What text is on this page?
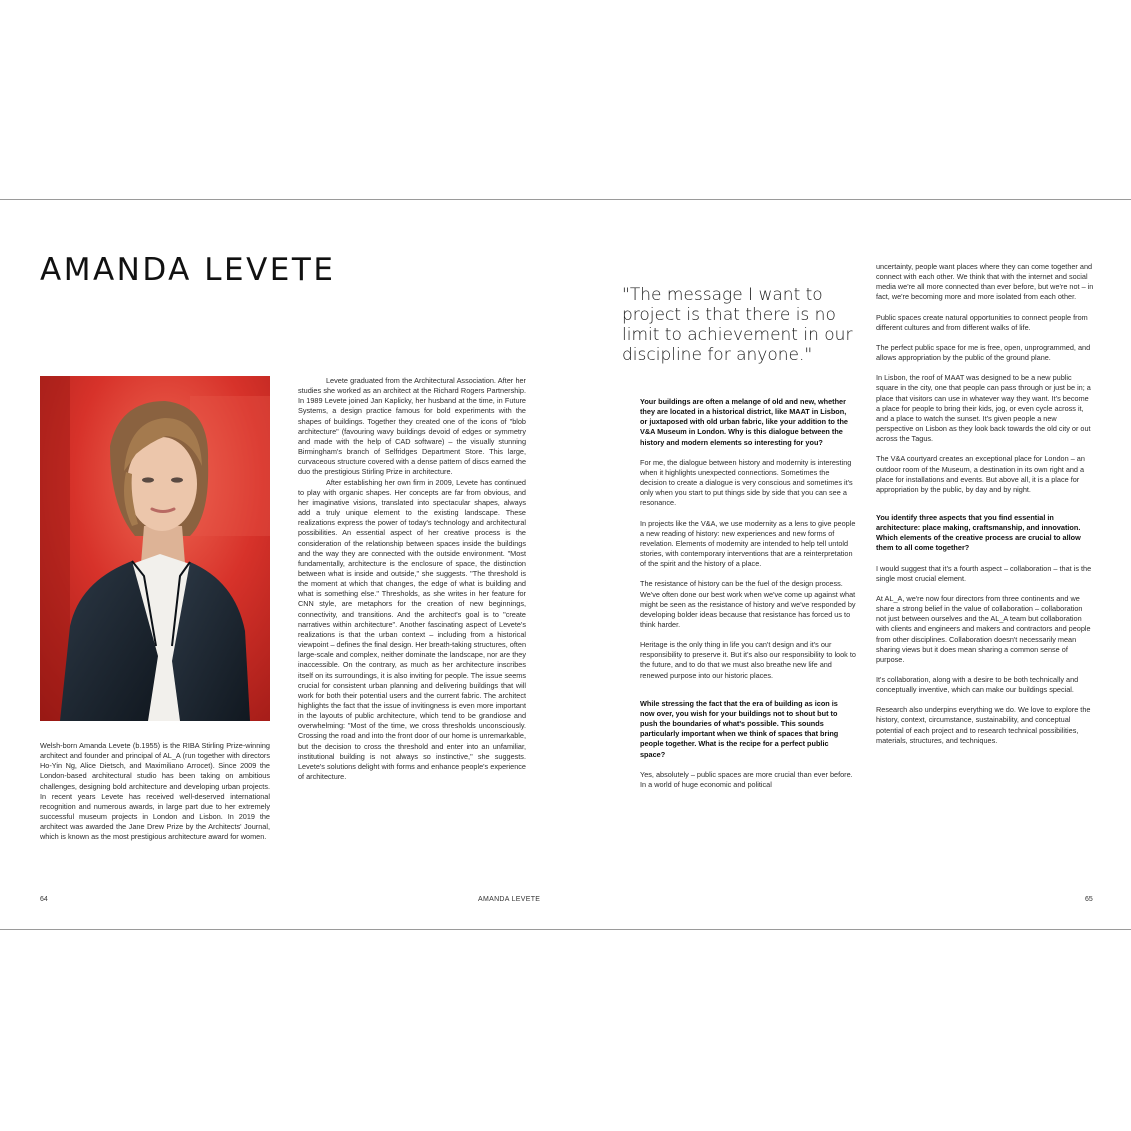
AMANDA LEVETE

Welsh-born Amanda Levete (b.1955) is the RIBA Stirling Prize-winning architect and founder and principal of AL_A (run together with directors Ho-Yin Ng, Alice Dietsch, and Maximiliano Arrocet). Since 2009 the London-based architectural studio has been taking on ambitious challenges, designing bold architecture and developing urban projects. In recent years Levete has received well-deserved international recognition and numerous awards, in large part due to her extremely successful museum projects in London and Lisbon. In 2019 the architect was awarded the Jane Drew Prize by the Architects' Journal, which is known as the most prestigious architecture award for women.

Levete graduated from the Architectural Association. After her studies she worked as an architect at the Richard Rogers Partnership. In 1989 Levete joined Jan Kaplicky, her husband at the time, in Future Systems, a design practice famous for bold experiments with the shapes of buildings. Together they created one of the icons of "blob architecture" (favouring wavy buildings devoid of edges or symmetry and made with the help of CAD software) – the visually stunning Birmingham's branch of Selfridges Department Store. This large, curvaceous structure covered with a dense pattern of discs earned the duo the prestigious Stirling Prize in architecture.

After establishing her own firm in 2009, Levete has continued to play with organic shapes. Her concepts are far from obvious, and her imaginative visions, translated into spectacular shapes, always add a truly unique element to the existing landscape. These realizations express the power of today's technology and architectural possibilities. An essential aspect of her creative process is the consideration of the relationship between spaces inside the buildings and the way they are connected with the outside environment. "Most fundamentally, architecture is the enclosure of space, the distinction between what is inside and outside," she suggests. "The threshold is the moment at which that changes, the edge of what is building and what is something else." Thresholds, as she writes in her feature for CNN style, are metaphors for the creation of new beginnings, connectivity, and transitions. And the architect's goal is to "create narratives within architecture". Another fascinating aspect of Levete's realizations is that the urban context – including from a historical viewpoint – defines the final design. Her breath-taking structures, often large-scale and complex, neither dominate the landscape, nor are they inaccessible. On the contrary, as much as her architecture inscribes itself on its surroundings, it is also inviting for people. The issue seems crucial for consistent urban planning and delivering buildings that will work for both their potential users and the current fabric. The architect highlights the fact that the issue of invitingness is even more important in the layouts of public architecture, which tend to be grandiose and overwhelming: "Most of the time, we cross thresholds unconsciously. Crossing the road and into the front door of our home is unremarkable, but the decision to cross the threshold and enter into an unfamiliar, institutional building is not always so instinctive," she suggests. Levete's solutions delight with forms and enhance people's experience of architecture.

"The message I want to project is that there is no limit to achievement in our discipline for anyone."

Your buildings are often a melange of old and new, whether they are located in a historical district, like MAAT in Lisbon, or juxtaposed with old urban fabric, like your addition to the V&A Museum in London. Why is this dialogue between the history and modern elements so interesting for you?

For me, the dialogue between history and modernity is interesting when it highlights unexpected connections. Sometimes the decision to create a dialogue is very conscious and sometimes it's only when you start to put things side by side that you can see a resonance.

In projects like the V&A, we use modernity as a lens to give people a new reading of history: new experiences and new forms of revelation. Elements of modernity are intended to help tell untold stories, with contemporary interventions that are a reinterpretation of the spirit and the history of a place.

The resistance of history can be the fuel of the design process. We've often done our best work when we've come up against what might be seen as the resistance of history and we've responded by developing bolder ideas because that resistance has forced us to think harder.

Heritage is the only thing in life you can't design and it's our responsibility to preserve it. But it's also our responsibility to look to the future, and to do that we must also breathe new life and renewed purpose into our historic places.

While stressing the fact that the era of building as icon is now over, you wish for your buildings not to shout but to push the boundaries of what's possible. This sounds particularly important when we think of spaces that bring people together. What is the recipe for a perfect public space?

Yes, absolutely – public spaces are more crucial than ever before. In a world of huge economic and political

uncertainty, people want places where they can come together and connect with each other. We think that with the internet and social media we're all more connected than ever before, but we're not – in fact, we're becoming more and more isolated from each other.

Public spaces create natural opportunities to connect people from different cultures and from different walks of life.

The perfect public space for me is free, open, unprogrammed, and allows appropriation by the public of the ground plane.

In Lisbon, the roof of MAAT was designed to be a new public square in the city, one that people can pass through or just be in; a place that visitors can use in whatever way they want. It's become a place for people to bring their kids, jog, or even cycle across it, and a place to watch the sunset. It's given people a new perspective on Lisbon as they look back towards the old city or out across the Tagus.

The V&A courtyard creates an exceptional place for London – an outdoor room of the Museum, a destination in its own right and a place for installations and events. But above all, it is a place for appropriation by the public, by day and by night.

You identify three aspects that you find essential in architecture: place making, craftsmanship, and innovation. Which elements of the creative process are crucial to allow them to all come together?

I would suggest that it's a fourth aspect – collaboration – that is the single most crucial element.

At AL_A, we're now four directors from three continents and we share a strong belief in the value of collaboration – collaboration not just between ourselves and the AL_A team but collaboration with clients and engineers and makers and contractors and people from other disciplines. Collaboration doesn't necessarily mean sharing views but it does mean sharing a common sense of purpose.

It's collaboration, along with a desire to be both technically and conceptually inventive, which can make our buildings special.

Research also underpins everything we do. We love to explore the history, context, circumstance, sustainability, and conceptual potential of each project and to research technical possibilities, materials, structures, and techniques.

64	AMANDA LEVETE	65
